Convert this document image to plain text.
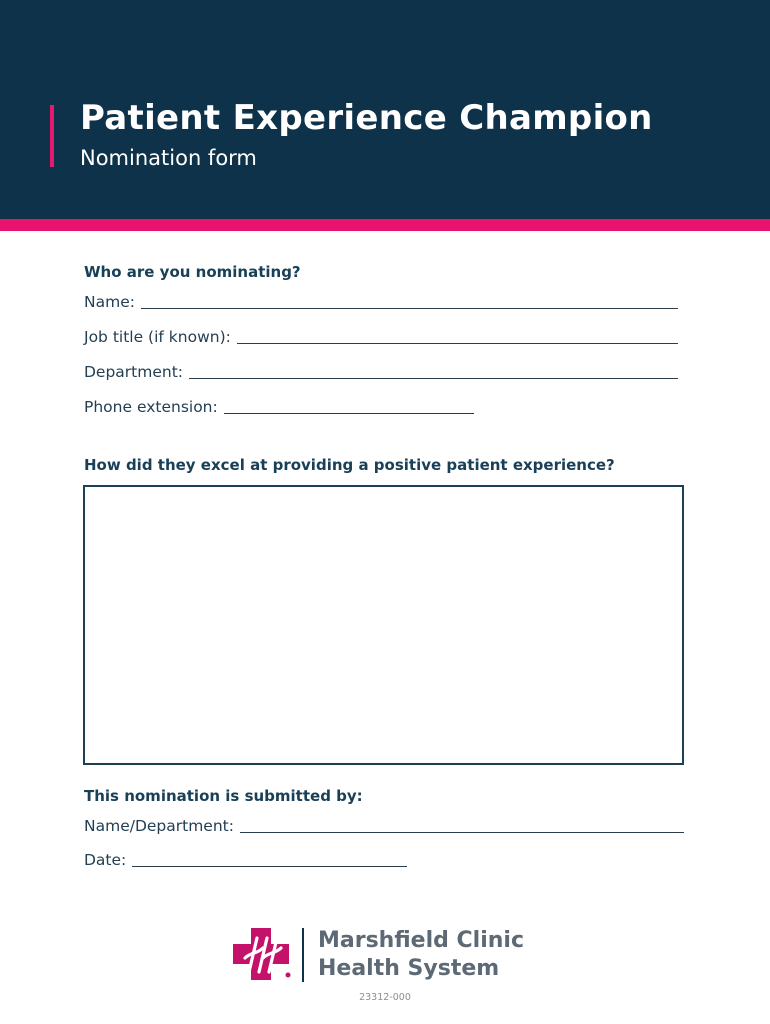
Patient Experience Champion
Nomination form
Who are you nominating?
Name:
Job title (if known):
Department:
Phone extension:
How did they excel at providing a positive patient experience?
This nomination is submitted by:
Name/Department:
Date:
Marshfield Clinic
Health System
23312-000
